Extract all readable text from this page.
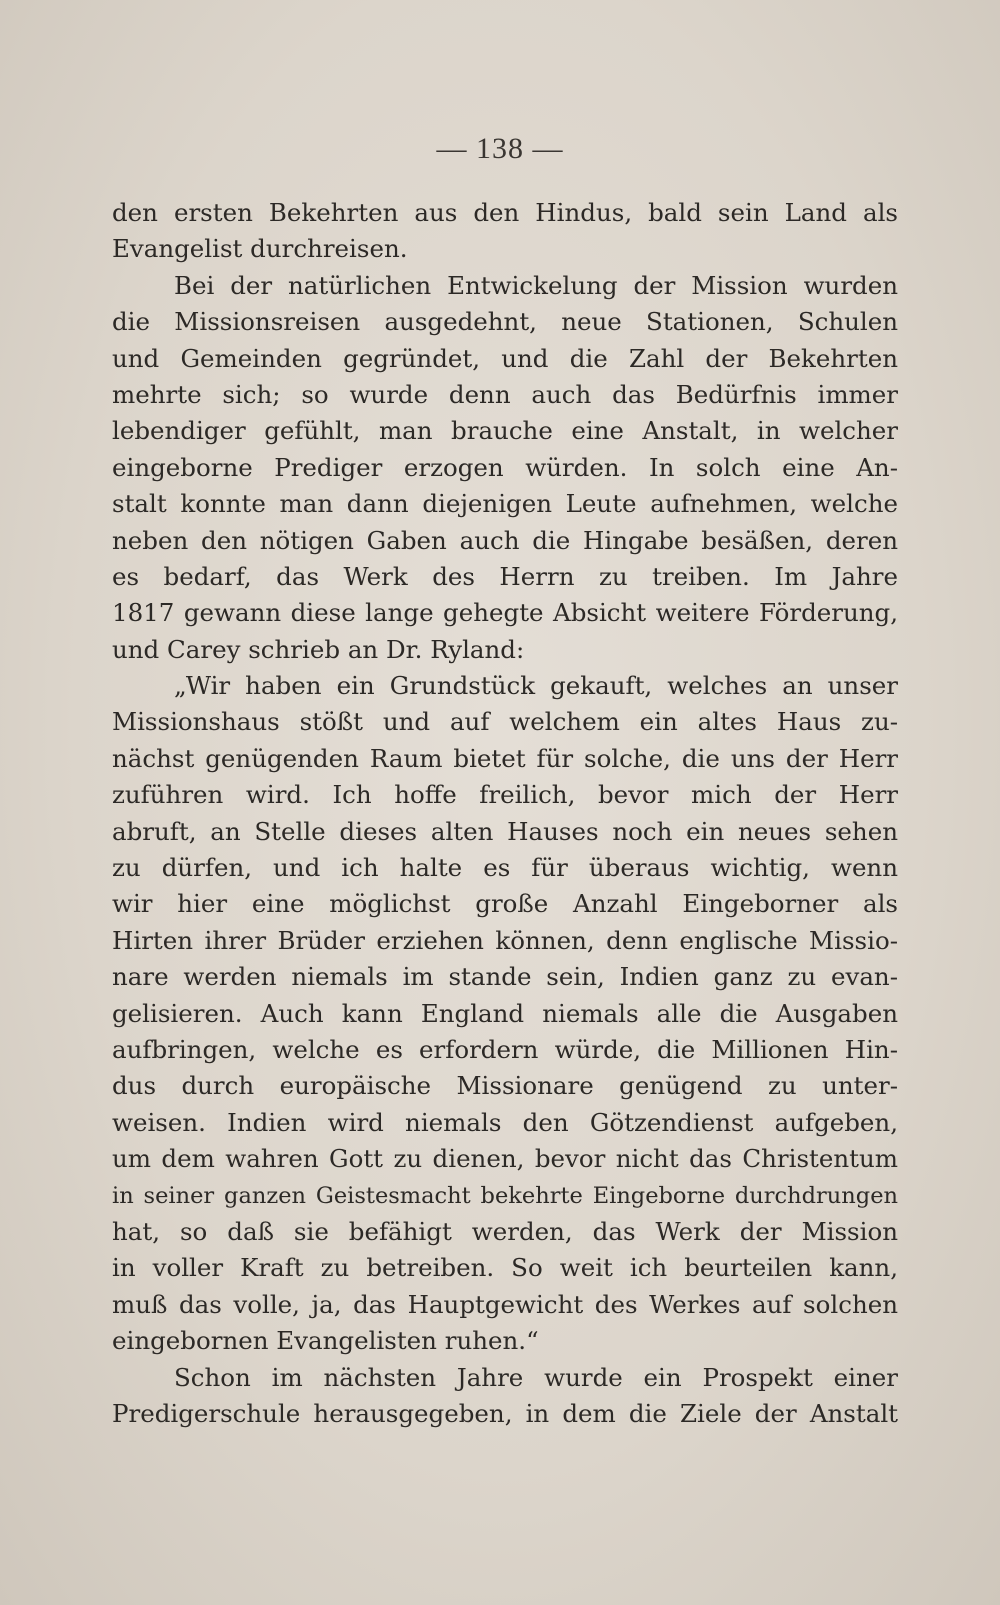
— 138 —
den ersten Bekehrten aus den Hindus, bald sein Land als
Evangelist durchreisen.
Bei der natürlichen Entwickelung der Mission wurden
die Missionsreisen ausgedehnt, neue Stationen, Schulen
und Gemeinden gegründet, und die Zahl der Bekehrten
mehrte sich; so wurde denn auch das Bedürfnis immer
lebendiger gefühlt, man brauche eine Anstalt, in welcher
eingeborne Prediger erzogen würden. In solch eine An-
stalt konnte man dann diejenigen Leute aufnehmen, welche
neben den nötigen Gaben auch die Hingabe besäßen, deren
es bedarf, das Werk des Herrn zu treiben. Im Jahre
1817 gewann diese lange gehegte Absicht weitere Förderung,
und Carey schrieb an Dr. Ryland:
„Wir haben ein Grundstück gekauft, welches an unser
Missionshaus stößt und auf welchem ein altes Haus zu-
nächst genügenden Raum bietet für solche, die uns der Herr
zuführen wird. Ich hoffe freilich, bevor mich der Herr
abruft, an Stelle dieses alten Hauses noch ein neues sehen
zu dürfen, und ich halte es für überaus wichtig, wenn
wir hier eine möglichst große Anzahl Eingeborner als
Hirten ihrer Brüder erziehen können, denn englische Missio-
nare werden niemals im stande sein, Indien ganz zu evan-
gelisieren. Auch kann England niemals alle die Ausgaben
aufbringen, welche es erfordern würde, die Millionen Hin-
dus durch europäische Missionare genügend zu unter-
weisen. Indien wird niemals den Götzendienst aufgeben,
um dem wahren Gott zu dienen, bevor nicht das Christentum
in seiner ganzen Geistesmacht bekehrte Eingeborne durchdrungen
hat, so daß sie befähigt werden, das Werk der Mission
in voller Kraft zu betreiben. So weit ich beurteilen kann,
muß das volle, ja, das Hauptgewicht des Werkes auf solchen
eingebornen Evangelisten ruhen.“
Schon im nächsten Jahre wurde ein Prospekt einer
Predigerschule herausgegeben, in dem die Ziele der Anstalt
